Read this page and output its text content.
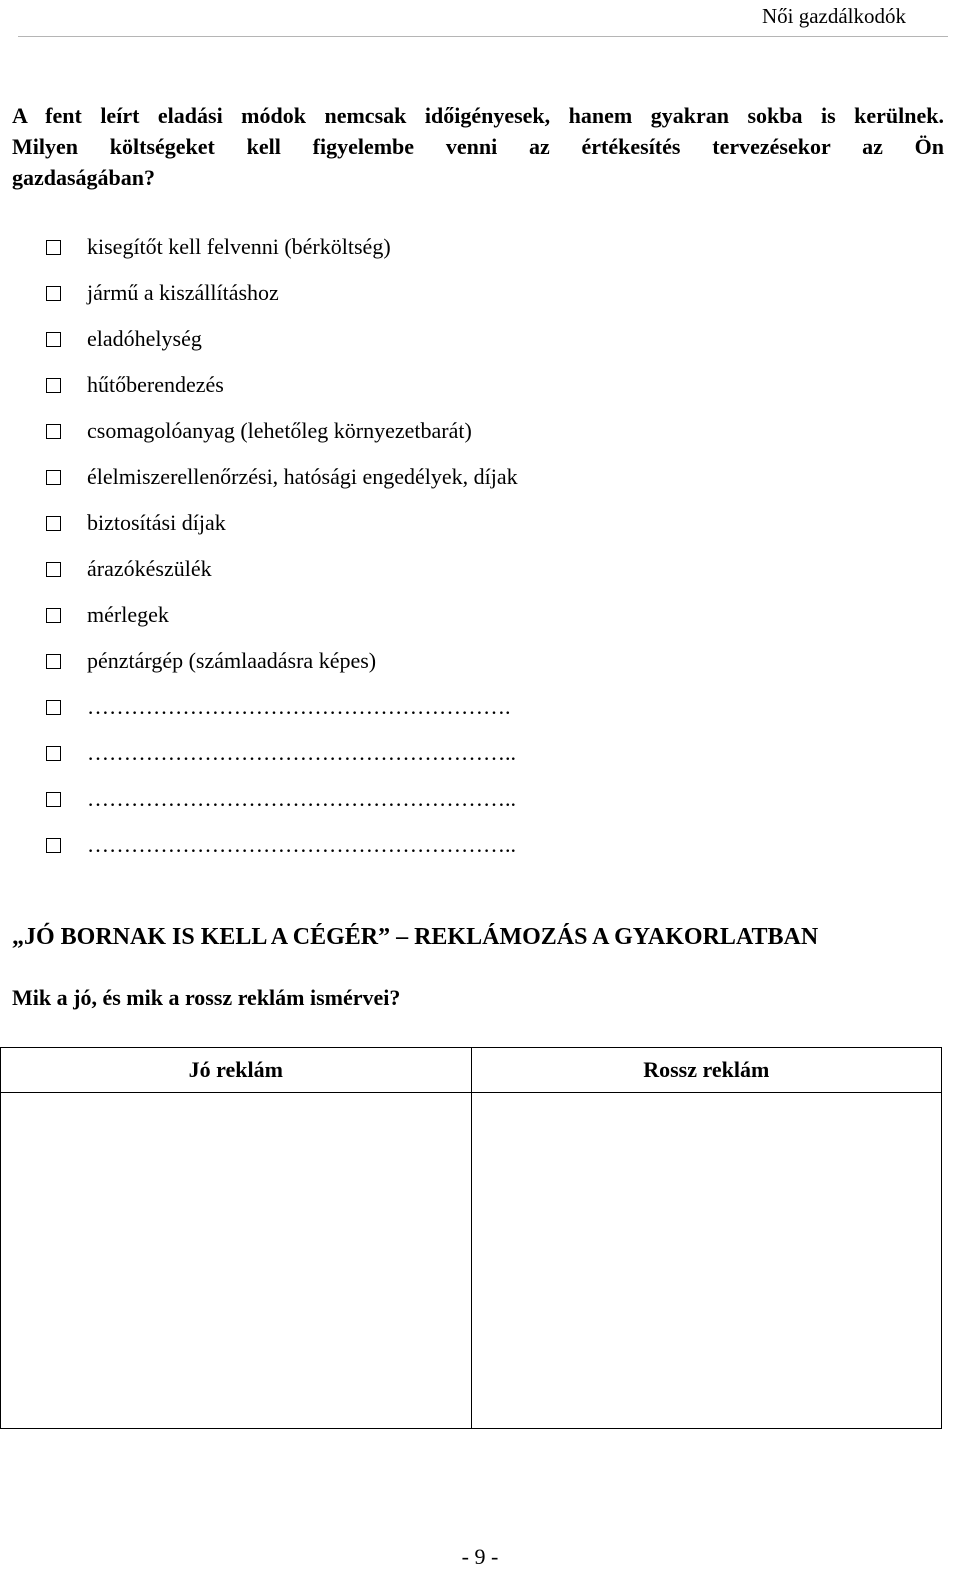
Női gazdálkodók
A fent leírt eladási módok nemcsak időigényesek, hanem gyakran sokba is kerülnek.
Milyen költségeket kell figyelembe venni az értékesítés tervezésekor az Ön
gazdaságában?
kisegítőt kell felvenni (bérköltség)
jármű a kiszállításhoz
eladóhelység
hűtőberendezés
csomagolóanyag (lehetőleg környezetbarát)
élelmiszerellenőrzési, hatósági engedélyek, díjak
biztosítási díjak
árazókészülék
mérlegek
pénztárgép (számlaadásra képes)
………………………………………………….
…………………………………………………..
…………………………………………………..
…………………………………………………..
„JÓ BORNAK IS KELL A CÉGÉR” – REKLÁMOZÁS A GYAKORLATBAN
Mik a jó, és mik a rossz reklám ismérvei?
Jó reklám	Rossz reklám

- 9 -
